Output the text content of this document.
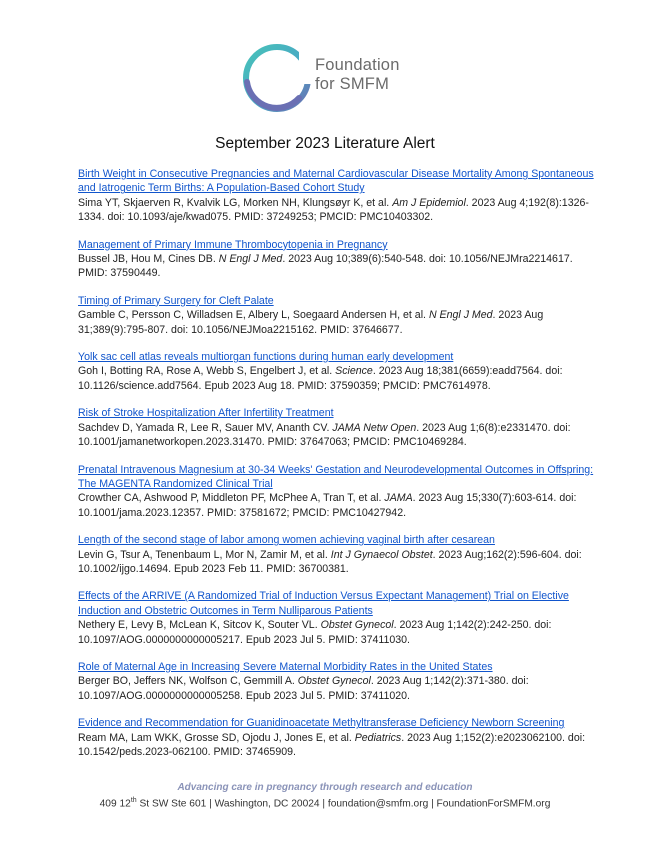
Foundation
for SMFM
September 2023 Literature Alert
Birth Weight in Consecutive Pregnancies and Maternal Cardiovascular Disease Mortality Among Spontaneous and Iatrogenic Term Births: A Population-Based Cohort Study
Sima YT, Skjaerven R, Kvalvik LG, Morken NH, Klungsøyr K, et al. Am J Epidemiol. 2023 Aug 4;192(8):1326-1334. doi: 10.1093/aje/kwad075. PMID: 37249253; PMCID: PMC10403302.
Management of Primary Immune Thrombocytopenia in Pregnancy
Bussel JB, Hou M, Cines DB. N Engl J Med. 2023 Aug 10;389(6):540-548. doi: 10.1056/NEJMra2214617. PMID: 37590449.
Timing of Primary Surgery for Cleft Palate
Gamble C, Persson C, Willadsen E, Albery L, Soegaard Andersen H, et al. N Engl J Med. 2023 Aug 31;389(9):795-807. doi: 10.1056/NEJMoa2215162. PMID: 37646677.
Yolk sac cell atlas reveals multiorgan functions during human early development
Goh I, Botting RA, Rose A, Webb S, Engelbert J, et al. Science. 2023 Aug 18;381(6659):eadd7564. doi: 10.1126/science.add7564. Epub 2023 Aug 18. PMID: 37590359; PMCID: PMC7614978.
Risk of Stroke Hospitalization After Infertility Treatment
Sachdev D, Yamada R, Lee R, Sauer MV, Ananth CV. JAMA Netw Open. 2023 Aug 1;6(8):e2331470. doi: 10.1001/jamanetworkopen.2023.31470. PMID: 37647063; PMCID: PMC10469284.
Prenatal Intravenous Magnesium at 30-34 Weeks' Gestation and Neurodevelopmental Outcomes in Offspring: The MAGENTA Randomized Clinical Trial
Crowther CA, Ashwood P, Middleton PF, McPhee A, Tran T, et al. JAMA. 2023 Aug 15;330(7):603-614. doi: 10.1001/jama.2023.12357. PMID: 37581672; PMCID: PMC10427942.
Length of the second stage of labor among women achieving vaginal birth after cesarean
Levin G, Tsur A, Tenenbaum L, Mor N, Zamir M, et al. Int J Gynaecol Obstet. 2023 Aug;162(2):596-604. doi: 10.1002/ijgo.14694. Epub 2023 Feb 11. PMID: 36700381.
Effects of the ARRIVE (A Randomized Trial of Induction Versus Expectant Management) Trial on Elective Induction and Obstetric Outcomes in Term Nulliparous Patients
Nethery E, Levy B, McLean K, Sitcov K, Souter VL. Obstet Gynecol. 2023 Aug 1;142(2):242-250. doi: 10.1097/AOG.0000000000005217. Epub 2023 Jul 5. PMID: 37411030.
Role of Maternal Age in Increasing Severe Maternal Morbidity Rates in the United States
Berger BO, Jeffers NK, Wolfson C, Gemmill A. Obstet Gynecol. 2023 Aug 1;142(2):371-380. doi: 10.1097/AOG.0000000000005258. Epub 2023 Jul 5. PMID: 37411020.
Evidence and Recommendation for Guanidinoacetate Methyltransferase Deficiency Newborn Screening
Ream MA, Lam WKK, Grosse SD, Ojodu J, Jones E, et al. Pediatrics. 2023 Aug 1;152(2):e2023062100. doi: 10.1542/peds.2023-062100. PMID: 37465909.
Advancing care in pregnancy through research and education
409 12th St SW Ste 601 | Washington, DC 20024 | foundation@smfm.org | FoundationForSMFM.org
